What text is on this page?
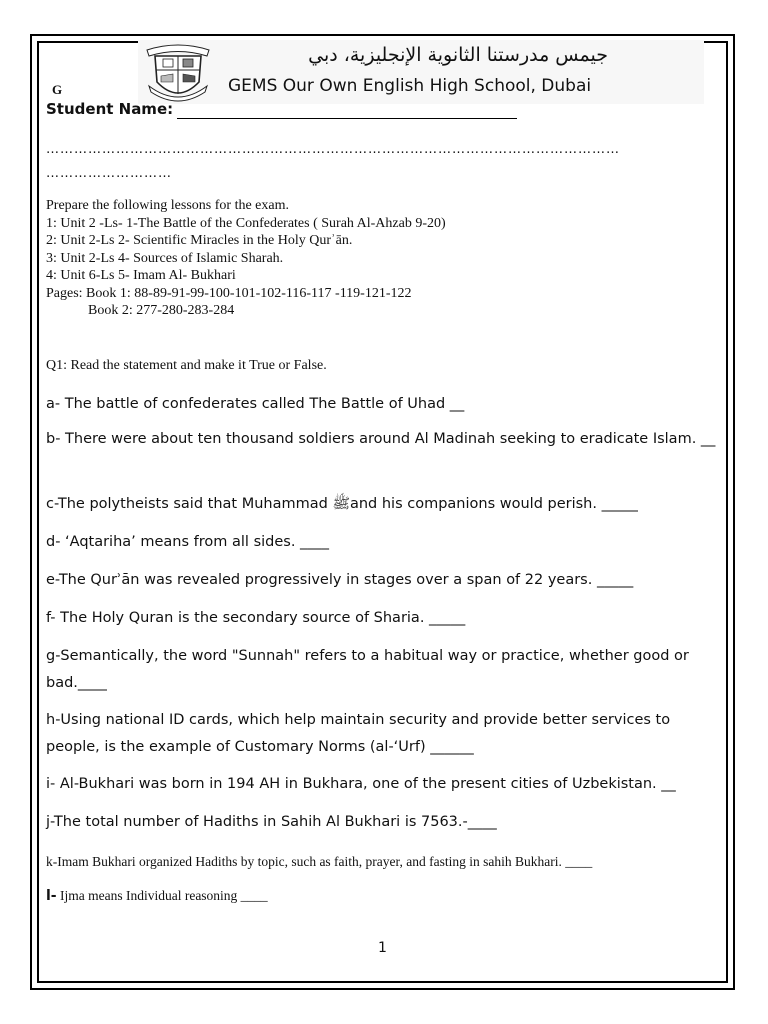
جيمس مدرستنا الثانوية الإنجليزية، دبي
GEMS Our Own English High School, Dubai
G
Student Name:
……………………………………………………………………………………………………………
………………………
Prepare the following lessons for the exam.
1: Unit 2 -Ls- 1-The Battle of the Confederates ( Surah Al-Ahzab 9-20)
2: Unit 2-Ls 2- Scientific Miracles in the Holy Qurʾān.
3: Unit 2-Ls 4- Sources of Islamic Sharah.
4: Unit 6-Ls 5- Imam Al- Bukhari
Pages: Book 1: 88-89-91-99-100-101-102-116-117 -119-121-122
Book 2: 277-280-283-284
Q1: Read the statement and make it True or False.
a- The battle of confederates called The Battle of Uhad __
b- There were about ten thousand soldiers around Al Madinah seeking to eradicate Islam. __
c-The polytheists said that Muhammad ﷺand his companions would perish. _____
d- ‘Aqtariha’ means from all sides. ____
e-The Qurʾān was revealed progressively in stages over a span of 22 years. _____
f- The Holy Quran is the secondary source of Sharia. _____
g-Semantically, the word "Sunnah" refers to a habitual way or practice, whether good or bad.____
h-Using national ID cards, which help maintain security and provide better services to people, is the example of Customary Norms (al-‘Urf) ______
i- Al-Bukhari was born in 194 AH in Bukhara, one of the present cities of Uzbekistan. __
j-The total number of Hadiths in Sahih Al Bukhari is 7563.-____
k-Imam Bukhari organized Hadiths by topic, such as faith, prayer, and fasting in sahih Bukhari. ____
l- Ijma means Individual reasoning ____
1
